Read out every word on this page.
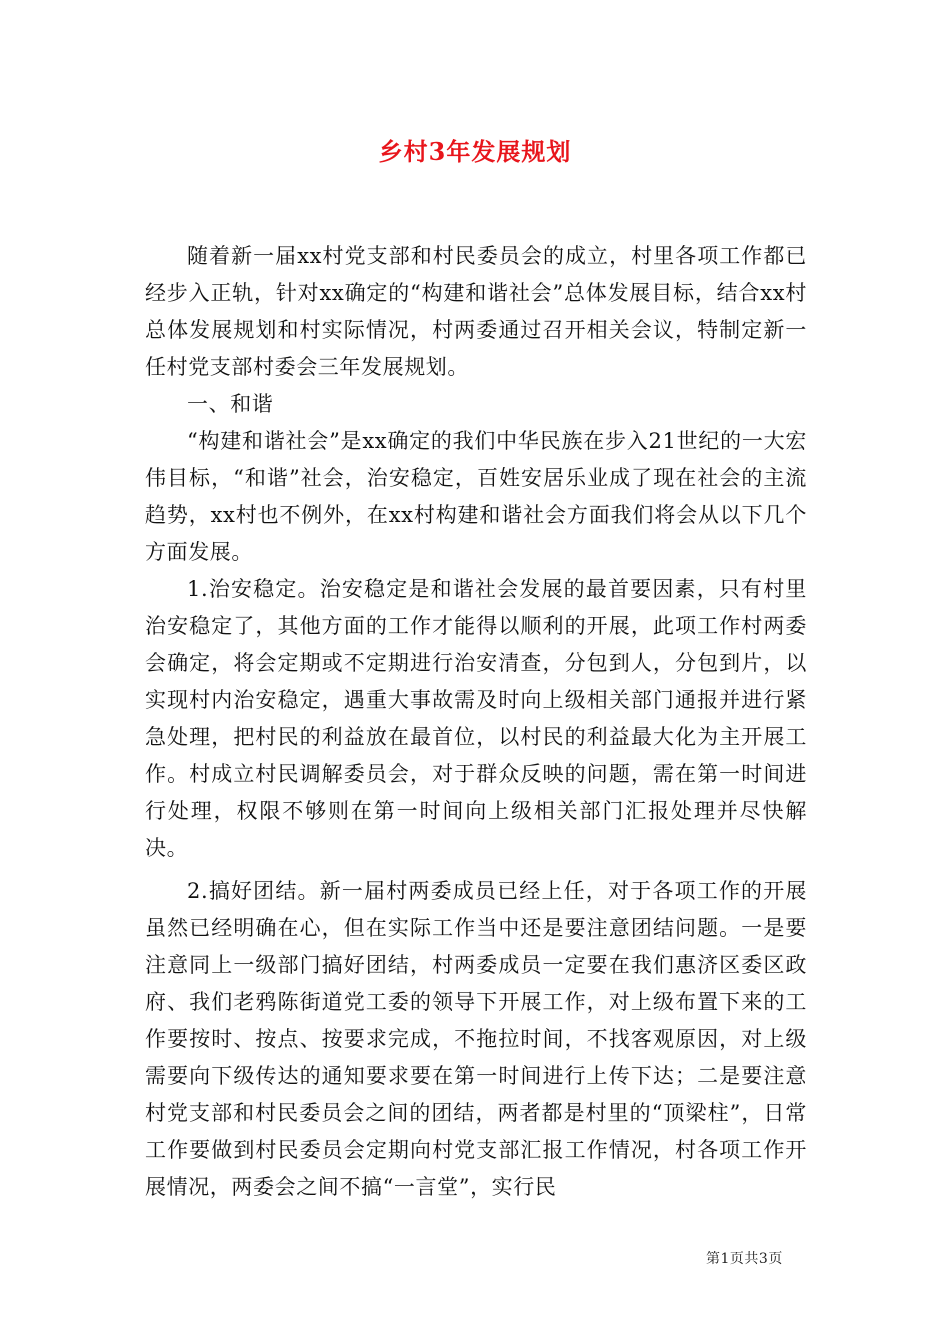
乡村3年发展规划

随着新一届xx村党支部和村民委员会的成立，村里各项工作都已经步入正轨，针对xx确定的“构建和谐社会”总体发展目标，结合xx村总体发展规划和村实际情况，村两委通过召开相关会议，特制定新一任村党支部村委会三年发展规划。

一、和谐

“构建和谐社会”是xx确定的我们中华民族在步入21世纪的一大宏伟目标，“和谐”社会，治安稳定，百姓安居乐业成了现在社会的主流趋势，xx村也不例外，在xx村构建和谐社会方面我们将会从以下几个方面发展。

1.治安稳定。治安稳定是和谐社会发展的最首要因素，只有村里治安稳定了，其他方面的工作才能得以顺利的开展，此项工作村两委会确定，将会定期或不定期进行治安清查，分包到人，分包到片，以实现村内治安稳定，遇重大事故需及时向上级相关部门通报并进行紧急处理，把村民的利益放在最首位，以村民的利益最大化为主开展工作。村成立村民调解委员会，对于群众反映的问题，需在第一时间进行处理，权限不够则在第一时间向上级相关部门汇报处理并尽快解决。

2.搞好团结。新一届村两委成员已经上任，对于各项工作的开展虽然已经明确在心，但在实际工作当中还是要注意团结问题。一是要注意同上一级部门搞好团结，村两委成员一定要在我们惠济区委区政府、我们老鸦陈街道党工委的领导下开展工作，对上级布置下来的工作要按时、按点、按要求完成，不拖拉时间，不找客观原因，对上级需要向下级传达的通知要求要在第一时间进行上传下达；二是要注意村党支部和村民委员会之间的团结，两者都是村里的“顶梁柱”，日常工作要做到村民委员会定期向村党支部汇报工作情况，村各项工作开展情况，两委会之间不搞“一言堂”，实行民

第1页共3页
